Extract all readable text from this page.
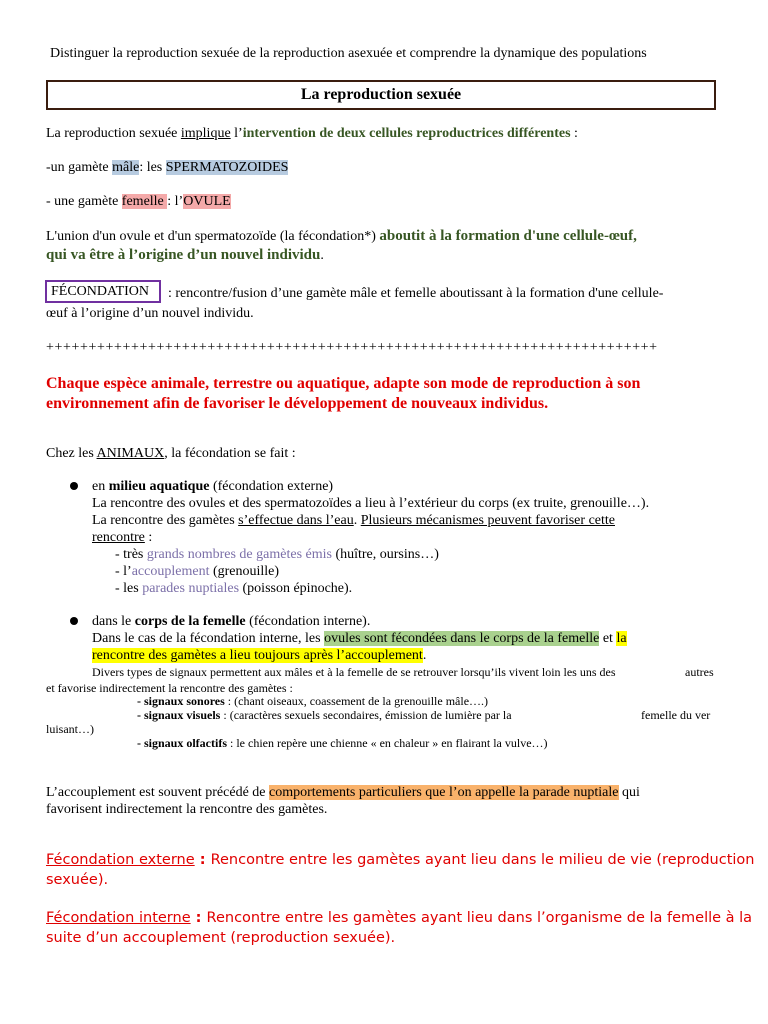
Distinguer la reproduction sexuée de la reproduction asexuée et comprendre la dynamique des populations
La reproduction sexuée
La reproduction sexuée implique l’intervention de deux cellules reproductrices différentes :
-un gamète mâle: les SPERMATOZOIDES
- une gamète femelle : l’OVULE
L'union d'un ovule et d'un spermatozoïde (la fécondation*) aboutit à la formation d'une cellule-œuf,
qui va être à l’origine d’un nouvel individu.
FÉCONDATION	: rencontre/fusion d’une gamète mâle et femelle aboutissant à la formation d'une cellule-
œuf à l’origine d’un nouvel individu.
++++++++++++++++++++++++++++++++++++++++++++++++++++++++++++++++++++++++
Chaque espèce animale, terrestre ou aquatique, adapte son mode de reproduction à son
environnement afin de favoriser le développement de nouveaux individus.
Chez les ANIMAUX, la fécondation se fait :
en milieu aquatique (fécondation externe)
La rencontre des ovules et des spermatozoïdes a lieu à l’extérieur du corps (ex truite, grenouille…).
La rencontre des gamètes s’effectue dans l’eau. Plusieurs mécanismes peuvent favoriser cette
rencontre :
- très grands nombres de gamètes émis (huître, oursins…)
- l’accouplement (grenouille)
- les parades nuptiales (poisson épinoche).
dans le corps de la femelle (fécondation interne).
Dans le cas de la fécondation interne, les ovules sont fécondées dans le corps de la femelle et la
rencontre des gamètes a lieu toujours après l’accouplement.
Divers types de signaux permettent aux mâles et à la femelle de se retrouver lorsqu’ils vivent loin les uns des	autres
et favorise indirectement la rencontre des gamètes :
- signaux sonores : (chant oiseaux, coassement de la grenouille mâle….)
- signaux visuels : (caractères sexuels secondaires, émission de lumière par la	femelle du ver
luisant…)
- signaux olfactifs : le chien repère une chienne « en chaleur » en flairant la vulve…)
L’accouplement est souvent précédé de comportements particuliers que l’on appelle la parade nuptiale qui
favorisent indirectement la rencontre des gamètes.
Fécondation externe : Rencontre entre les gamètes ayant lieu dans le milieu de vie (reproduction
sexuée).
Fécondation interne : Rencontre entre les gamètes ayant lieu dans l’organisme de la femelle à la
suite d’un accouplement (reproduction sexuée).
